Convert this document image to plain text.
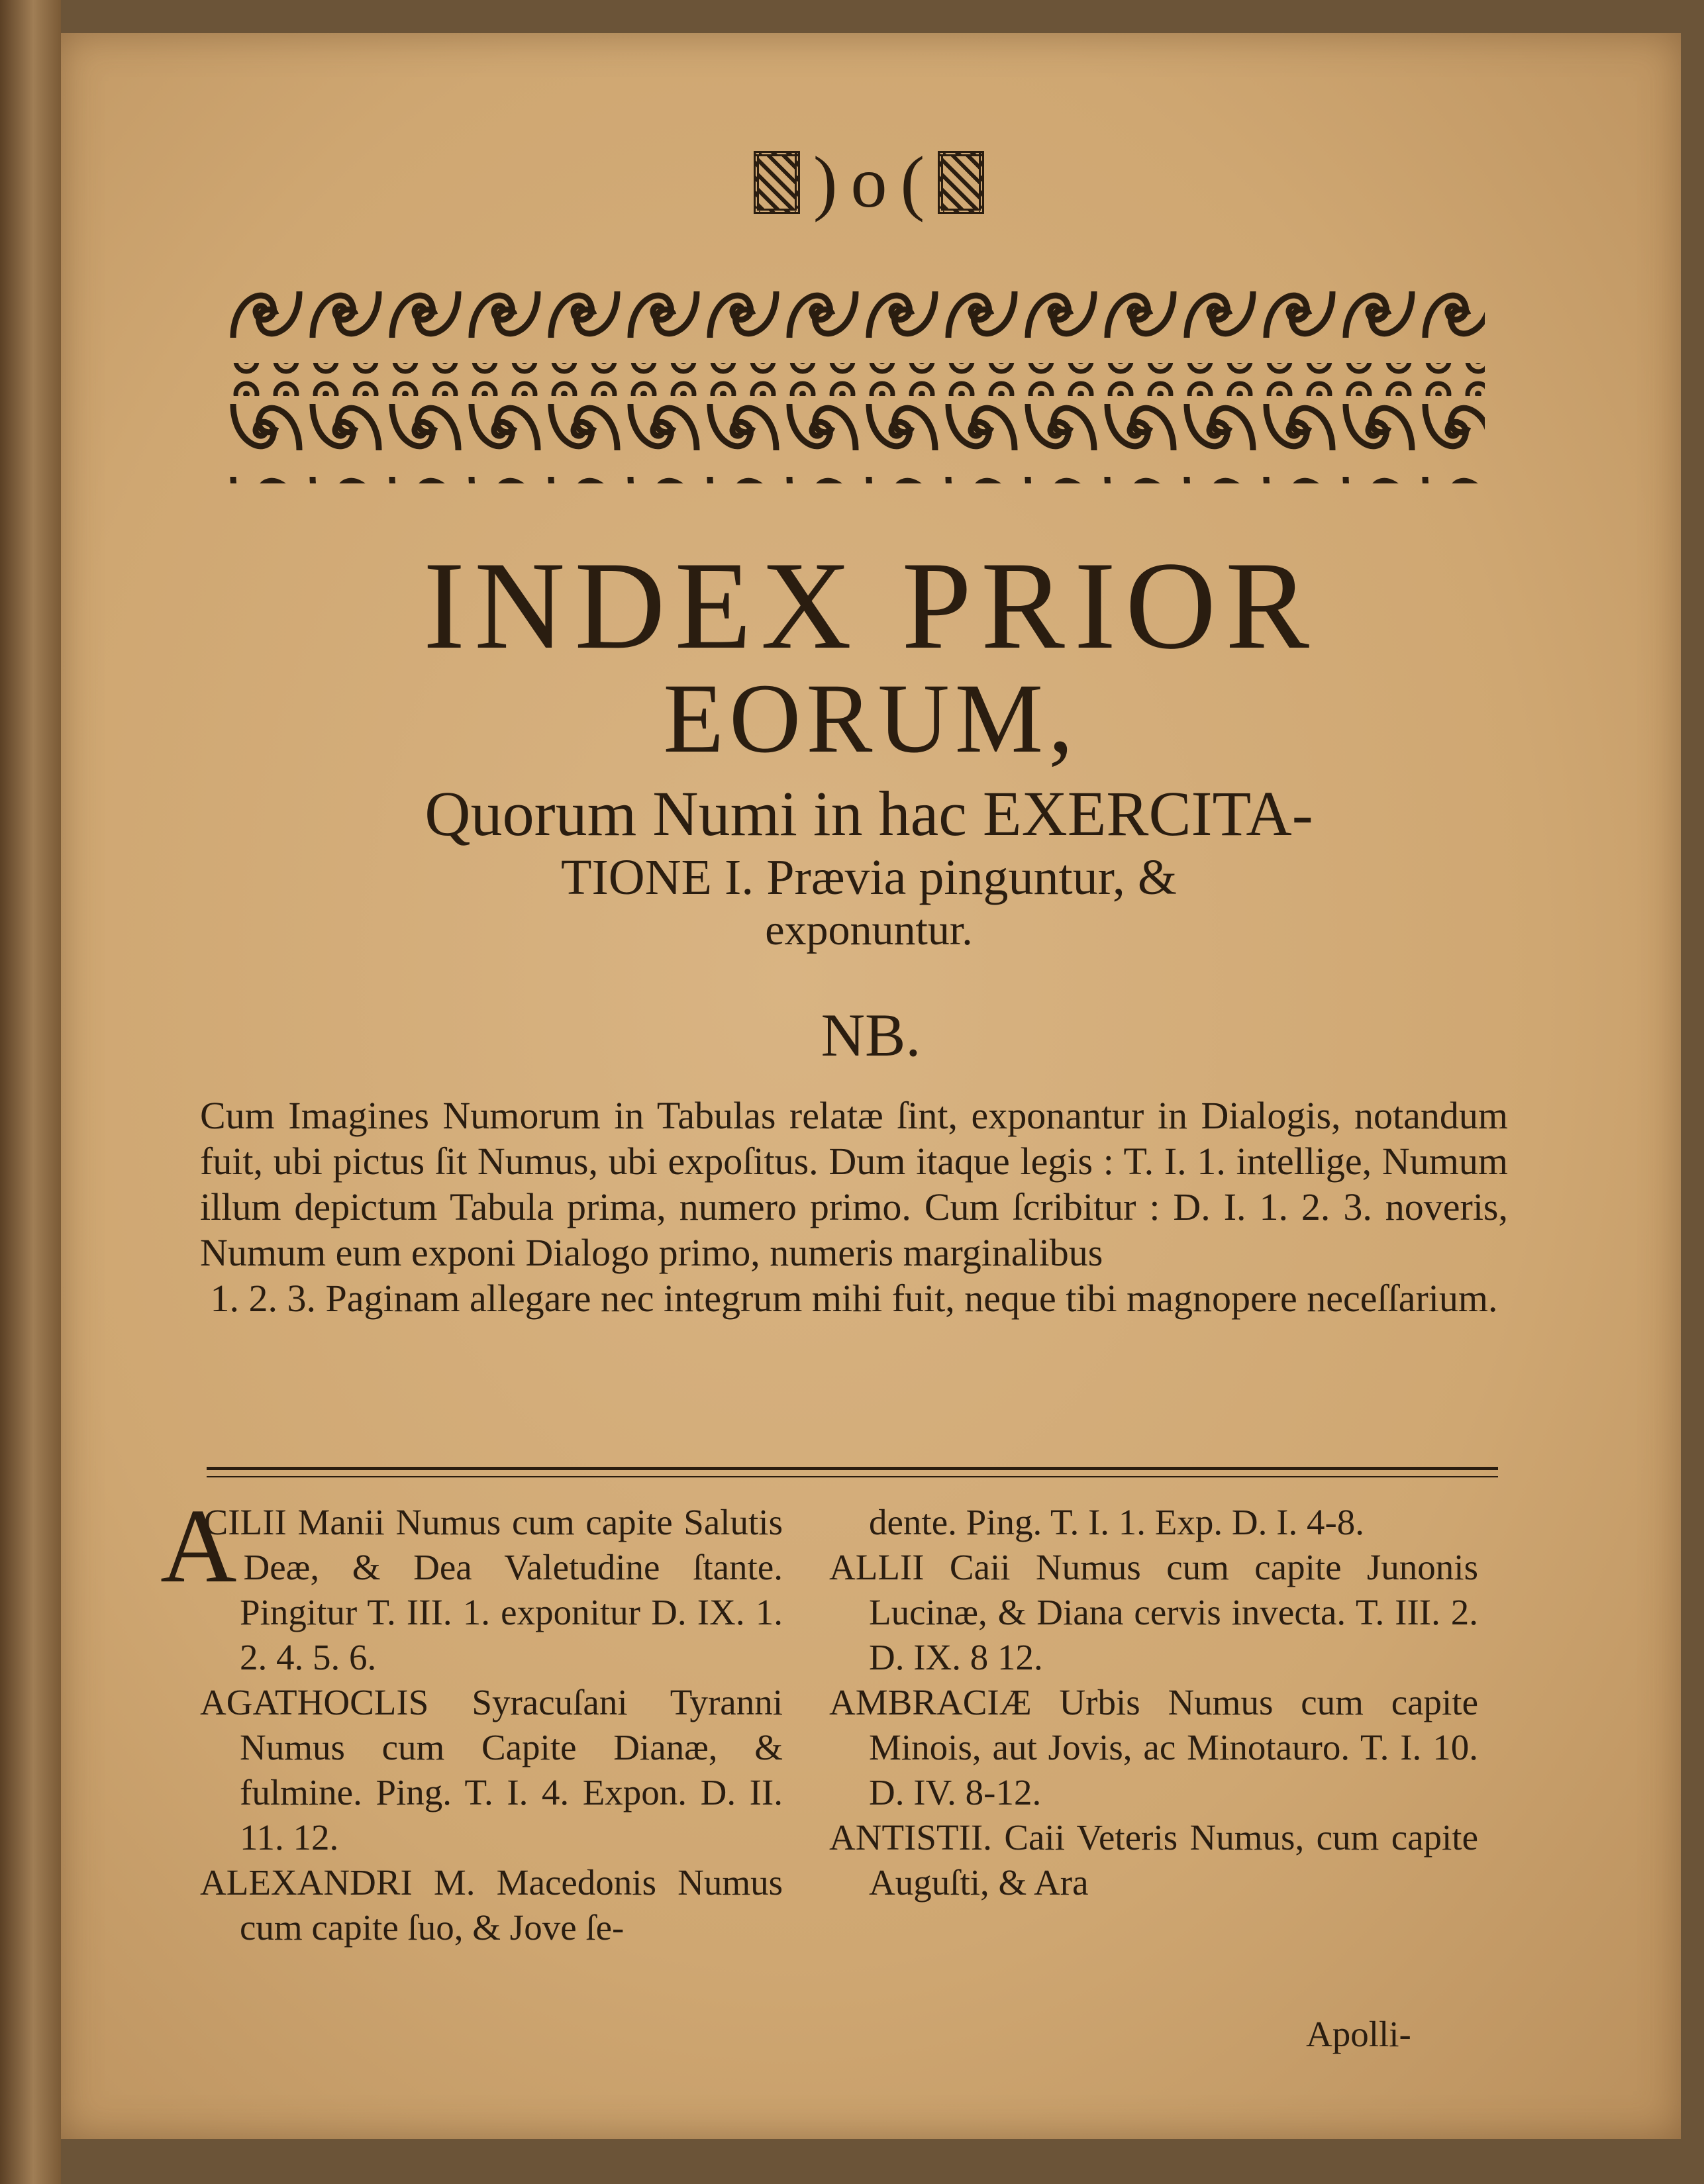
) o (
INDEX PRIOR
EORUM,
Quorum Numi in hac EXERCITA-
TIONE I. Prævia pinguntur, &
exponuntur.
NB.

Cum Imagines Numorum in Tabulas relatæ ſint, exponantur in Dialogis, notandum fuit, ubi pictus ſit Numus, ubi expoſitus. Dum itaque legis : T. I. 1. intellige, Numum illum depictum Tabula prima, numero primo. Cum ſcribitur : D. I. 1. 2. 3. noveris, Numum eum exponi Dialogo primo, numeris marginalibus

1. 2. 3. Paginam allegare nec integrum mihi fuit, neque tibi magnopere neceſſarium.

A
CILII Manii Numus cum capite Salutis Deæ, & Dea Valetudine ſtante. Pingitur T. III. 1. exponitur D. IX. 1. 2. 4. 5. 6.
AGATHOCLIS Syracuſani Tyranni Numus cum Capite Dianæ, & fulmine. Ping. T. I. 4. Expon. D. II. 11. 12.
ALEXANDRI M. Macedonis Numus cum capite ſuo, & Jove ſe-
dente. Ping. T. I. 1. Exp. D. I. 4-8.
ALLII Caii Numus cum capite Junonis Lucinæ, & Diana cervis invecta. T. III. 2. D. IX. 8 12.
AMBRACIÆ Urbis Numus cum capite Minois, aut Jovis, ac Minotauro. T. I. 10. D. IV. 8-12.
ANTISTII. Caii Veteris Numus, cum capite Auguſti, & Ara
Apolli-
